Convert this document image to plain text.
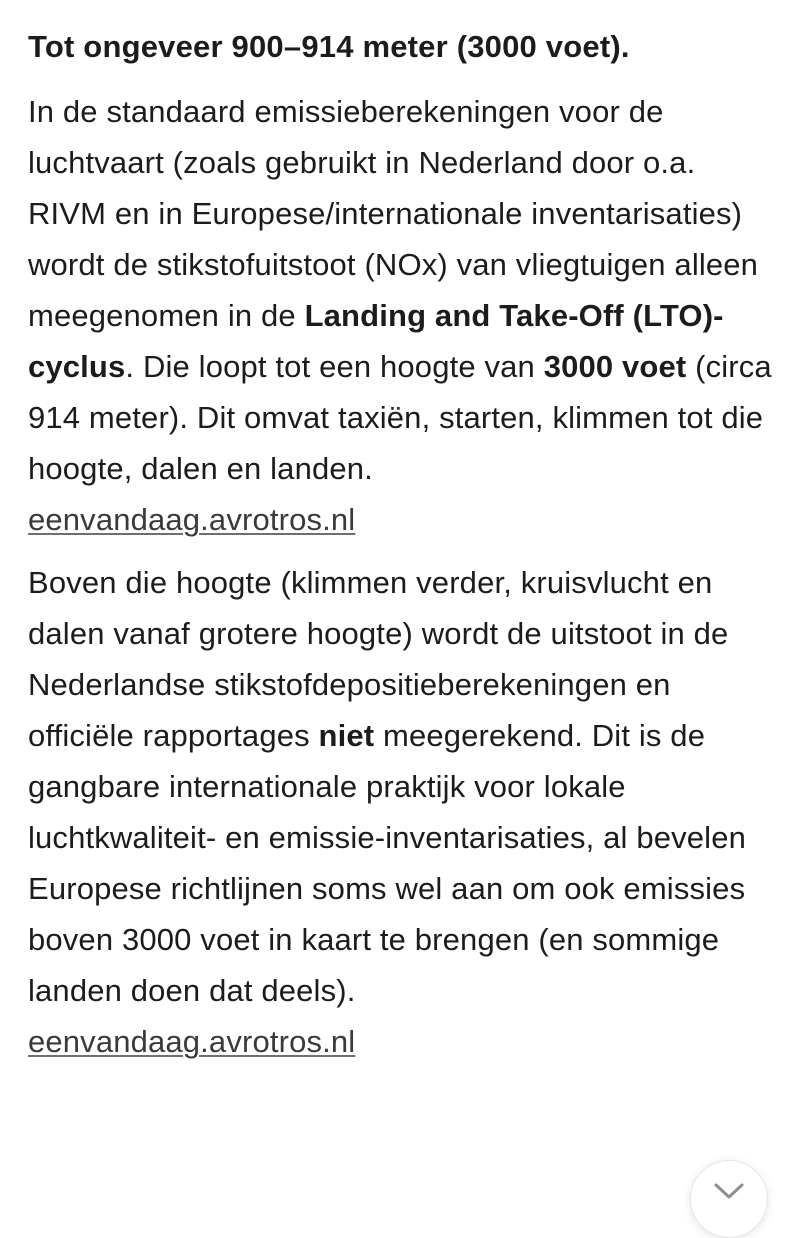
Tot ongeveer 900–914 meter (3000 voet).
In de standaard emissieberekeningen voor de luchtvaart (zoals gebruikt in Nederland door o.a. RIVM en in Europese/internationale inventarisaties) wordt de stikstofuitstoot (NOx) van vliegtuigen alleen meegenomen in de Landing and Take-Off (LTO)-cyclus. Die loopt tot een hoogte van 3000 voet (circa 914 meter). Dit omvat taxiën, starten, klimmen tot die hoogte, dalen en landen.
eenvandaag.avrotros.nl
Boven die hoogte (klimmen verder, kruisvlucht en dalen vanaf grotere hoogte) wordt de uitstoot in de Nederlandse stikstofdepositieberekeningen en officiële rapportages niet meegerekend. Dit is de gangbare internationale praktijk voor lokale luchtkwaliteit- en emissie-inventarisaties, al bevelen Europese richtlijnen soms wel aan om ook emissies boven 3000 voet in kaart te brengen (en sommige landen doen dat deels).
eenvandaag.avrotros.nl
